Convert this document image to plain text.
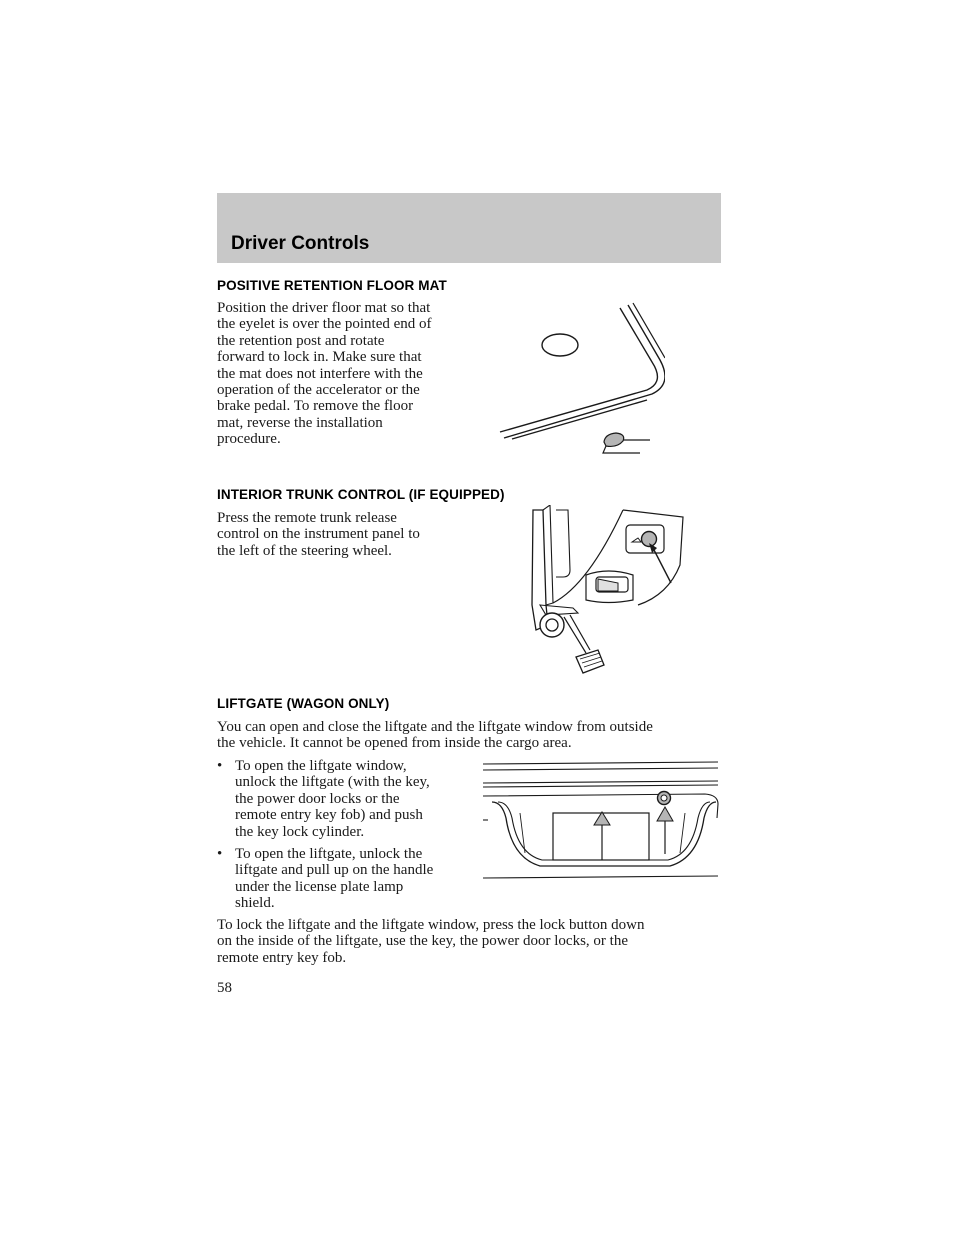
Driver Controls
POSITIVE RETENTION FLOOR MAT

Position the driver floor mat so that
the eyelet is over the pointed end of
the retention post and rotate
forward to lock in. Make sure that
the mat does not interfere with the
operation of the accelerator or the
brake pedal. To remove the floor
mat, reverse the installation
procedure.

INTERIOR TRUNK CONTROL (IF EQUIPPED)

Press the remote trunk release
control on the instrument panel to
the left of the steering wheel.

LIFTGATE (WAGON ONLY)

You can open and close the liftgate and the liftgate window from outside
the vehicle. It cannot be opened from inside the cargo area.

• To open the liftgate window,
unlock the liftgate (with the key,
the power door locks or the
remote entry key fob) and push
the key lock cylinder.
• To open the liftgate, unlock the
liftgate and pull up on the handle
under the license plate lamp
shield.

To lock the liftgate and the liftgate window, press the lock button down
on the inside of the liftgate, use the key, the power door locks, or the
remote entry key fob.

58
